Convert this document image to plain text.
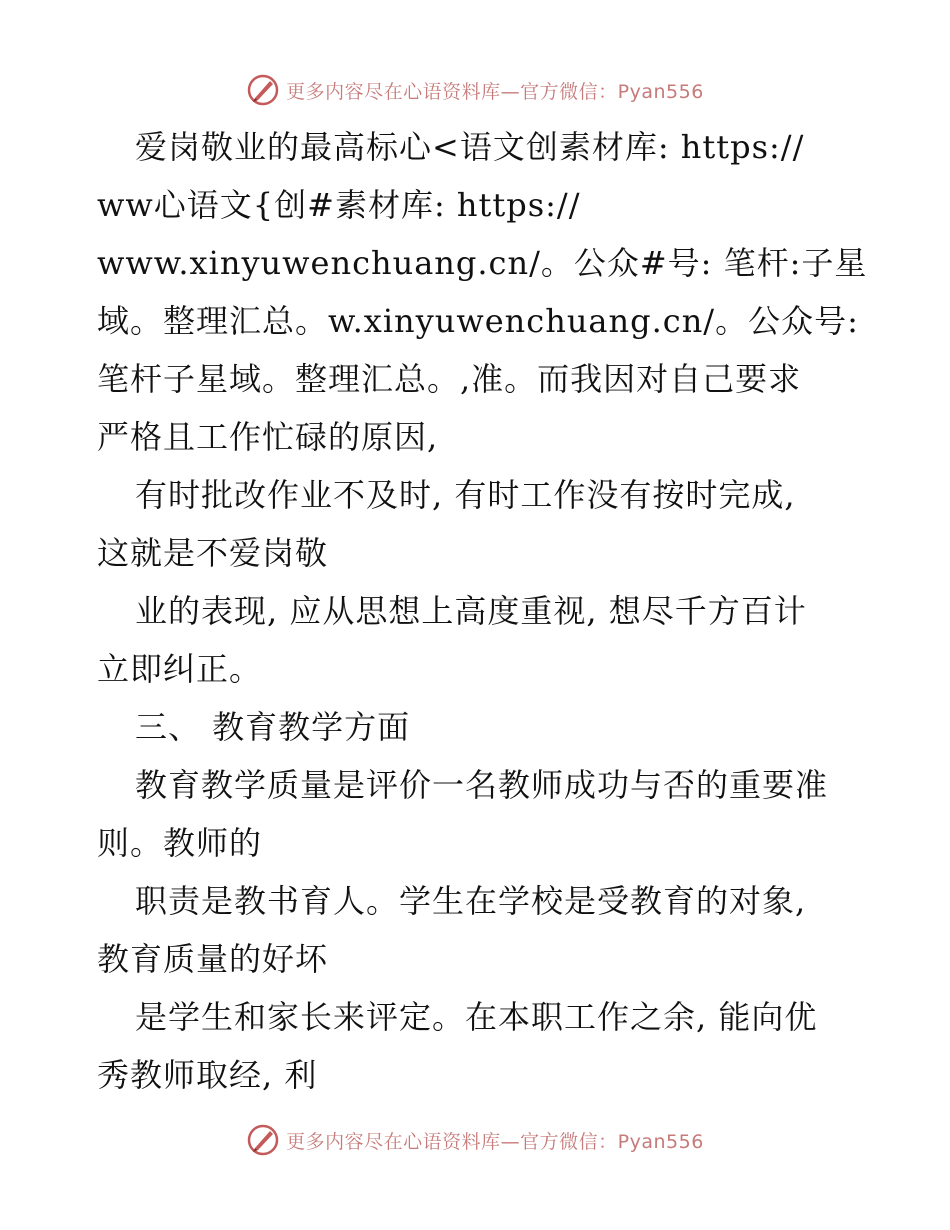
更多内容尽在心语资料库—官方微信：Pyan556
爱岗敬业的最高标心<语文创素材库: https://
ww心语文{创#素材库: https://
www.xinyuwenchuang.cn/。公众#号: 笔杆:子星
域。整理汇总。w.xinyuwenchuang.cn/。公众号:
笔杆子星域。整理汇总。,准。而我因对自己要求
严格且工作忙碌的原因,
有时批改作业不及时, 有时工作没有按时完成,
这就是不爱岗敬
业的表现, 应从思想上高度重视, 想尽千方百计
立即纠正。
三、 教育教学方面
教育教学质量是评价一名教师成功与否的重要准
则。教师的
职责是教书育人。学生在学校是受教育的对象,
教育质量的好坏
是学生和家长来评定。在本职工作之余, 能向优
秀教师取经, 利
更多内容尽在心语资料库—官方微信：Pyan556
